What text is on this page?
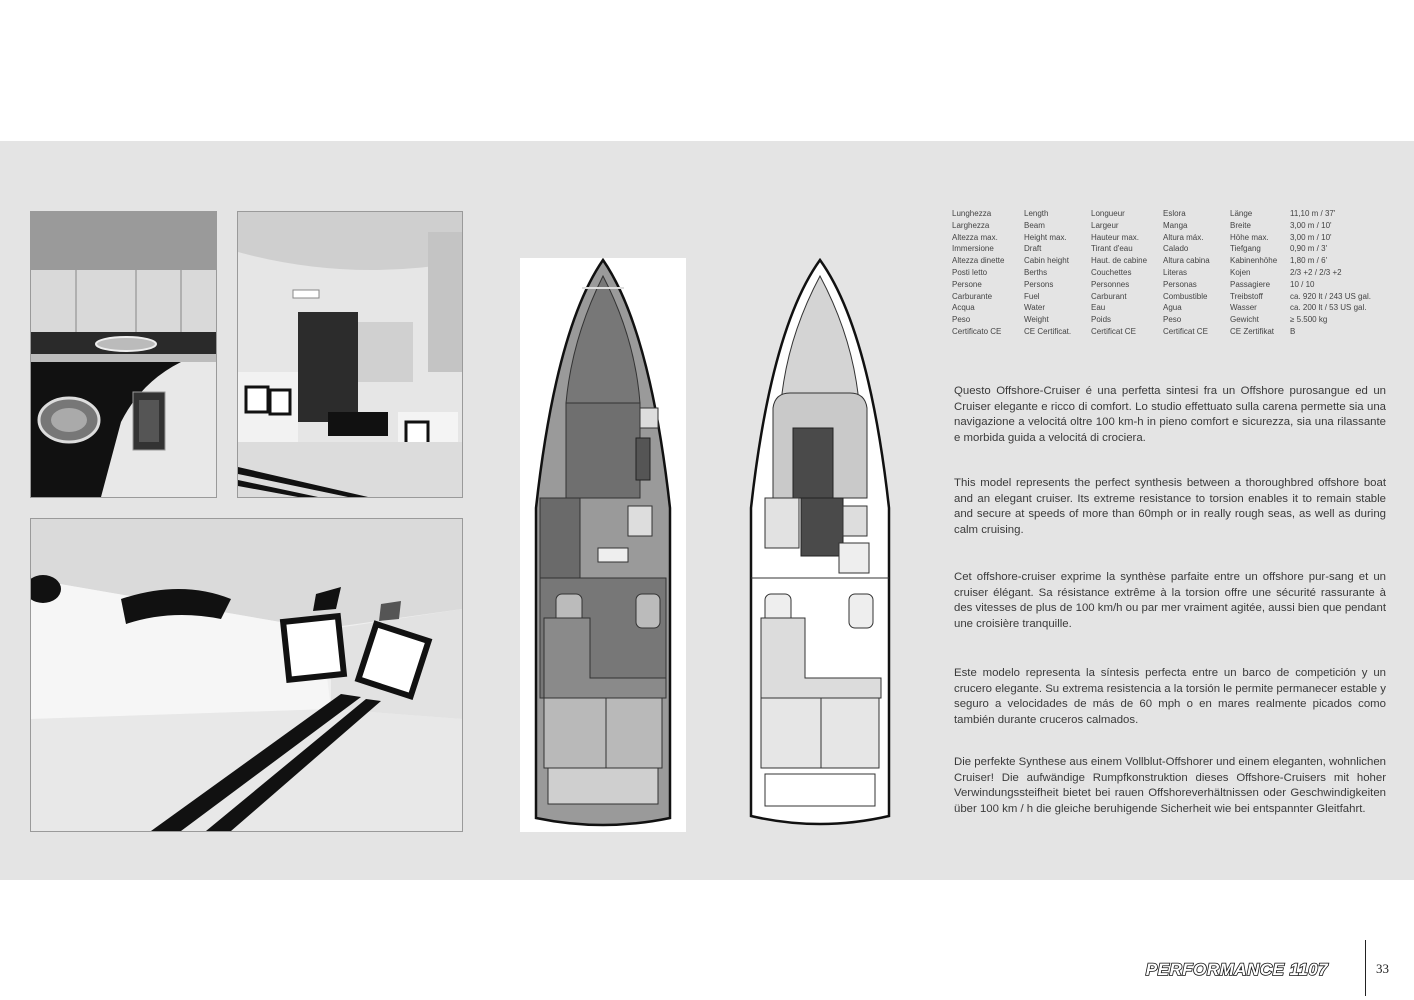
Lunghezza
Larghezza
Altezza max.
Immersione
Altezza dinette
Posti letto
Persone
Carburante
Acqua
Peso
Certificato CE
Length
Beam
Height max.
Draft
Cabin height
Berths
Persons
Fuel
Water
Weight
CE Certificat.
Longueur
Largeur
Hauteur max.
Tirant d'eau
Haut. de cabine
Couchettes
Personnes
Carburant
Eau
Poids
Certificat CE
Eslora
Manga
Altura máx.
Calado
Altura cabina
Literas
Personas
Combustible
Agua
Peso
Certificat CE
Länge
Breite
Höhe max.
Tiefgang
Kabinenhöhe
Kojen
Passagiere
Treibstoff
Wasser
Gewicht
CE Zertifikat
11,10 m / 37'
3,00 m / 10'
3,00 m / 10'
0,90 m / 3'
1,80 m / 6'
2/3 +2 / 2/3 +2
10 / 10
ca. 920 lt / 243 US gal.
ca. 200 lt / 53 US gal.
≥ 5.500 kg
B

Questo Offshore-Cruiser é una perfetta sintesi fra un Offshore purosangue ed un Cruiser elegante e ricco di comfort. Lo studio effettuato sulla carena permette sia una navigazione a velocitá oltre 100 km-h in pieno comfort e sicurezza, sia una rilassante e morbida guida a velocitá di crociera.

This model represents the perfect synthesis between a thoroughbred offshore boat and an elegant cruiser. Its extreme resistance to torsion enables it to remain stable and secure at speeds of more than 60mph or in really rough seas, as well as during calm cruising.

Cet offshore-cruiser exprime la synthèse parfaite entre un offshore pur-sang et un cruiser élégant. Sa résistance extrême à la torsion offre une sécurité rassurante à des vitesses de plus de 100 km/h ou par mer vraiment agitée, aussi bien que pendant une croisière tranquille.

Este modelo representa la síntesis perfecta entre un barco de competición y un crucero elegante. Su extrema resistencia a la torsión le permite permanecer estable y seguro a velocidades de más de 60 mph o en mares realmente picados como también durante cruceros calmados.

Die perfekte Synthese aus einem Vollblut-Offshorer und einem eleganten, wohnlichen Cruiser! Die aufwändige Rumpfkonstruktion dieses Offshore-Cruisers mit hoher Verwindungssteifheit bietet bei rauen Offshoreverhältnissen oder Geschwindigkeiten über 100 km / h die gleiche beruhigende Sicherheit wie bei entspannter Gleitfahrt.

PERFORMANCE 1107	33
